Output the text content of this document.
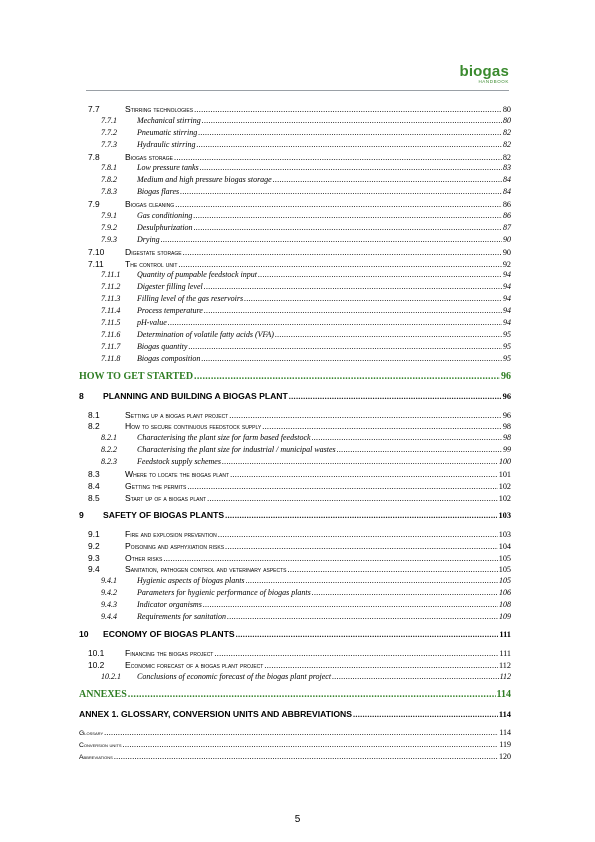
biogas
HANDBOOK
7.7	Stirring technologies .....	80
7.7.1	Mechanical stirring .....	80
7.7.2	Pneumatic stirring .....	82
7.7.3	Hydraulic stirring .....	82
7.8	Biogas storage .....	82
7.8.1	Low pressure tanks .....	83
7.8.2	Medium and high pressure biogas storage .....	84
7.8.3	Biogas flares .....	84
7.9	Biogas cleaning .....	86
7.9.1	Gas conditioning .....	86
7.9.2	Desulphurization .....	87
7.9.3	Drying .....	90
7.10	Digestate storage .....	90
7.11	The control unit .....	92
7.11.1	Quantity of pumpable feedstock input .....	94
7.11.2	Digester filling level .....	94
7.11.3	Filling level of the gas reservoirs .....	94
7.11.4	Process temperature .....	94
7.11.5	pH-value .....	94
7.11.6	Determination of volatile fatty acids (VFA) .....	95
7.11.7	Biogas quantity .....	95
7.11.8	Biogas composition .....	95
HOW TO GET STARTED .....	96
8	PLANNING AND BUILDING A BIOGAS PLANT .....	96
8.1	Setting up a biogas plant project .....	96
8.2	How to secure continuous feedstock supply .....	98
8.2.1	Characterising the plant size for farm based feedstock .....	98
8.2.2	Characterising the plant size for industrial / municipal wastes .....	99
8.2.3	Feedstock supply schemes .....	100
8.3	Where to locate the biogas plant .....	101
8.4	Getting the permits .....	102
8.5	Start up of a biogas plant .....	102
9	SAFETY OF BIOGAS PLANTS .....	103
9.1	Fire and explosion prevention .....	103
9.2	Poisoning and asphyxiation risks .....	104
9.3	Other risks .....	105
9.4	Sanitation, pathogen control and veterinary aspects .....	105
9.4.1	Hygienic aspects of biogas plants .....	105
9.4.2	Parameters for hygienic performance of biogas plants .....	106
9.4.3	Indicator organisms .....	108
9.4.4	Requirements for sanitation .....	109
10	ECONOMY OF BIOGAS PLANTS .....	111
10.1	Financing the biogas project .....	111
10.2	Economic forecast of a biogas plant project .....	112
10.2.1	Conclusions of economic forecast of the biogas plant project .....	112
ANNEXES .....	114
ANNEX 1. GLOSSARY, CONVERSION UNITS AND ABBREVIATIONS .....	114
Glossary .....	114
Conversion units .....	119
Abbreviations .....	120
5
